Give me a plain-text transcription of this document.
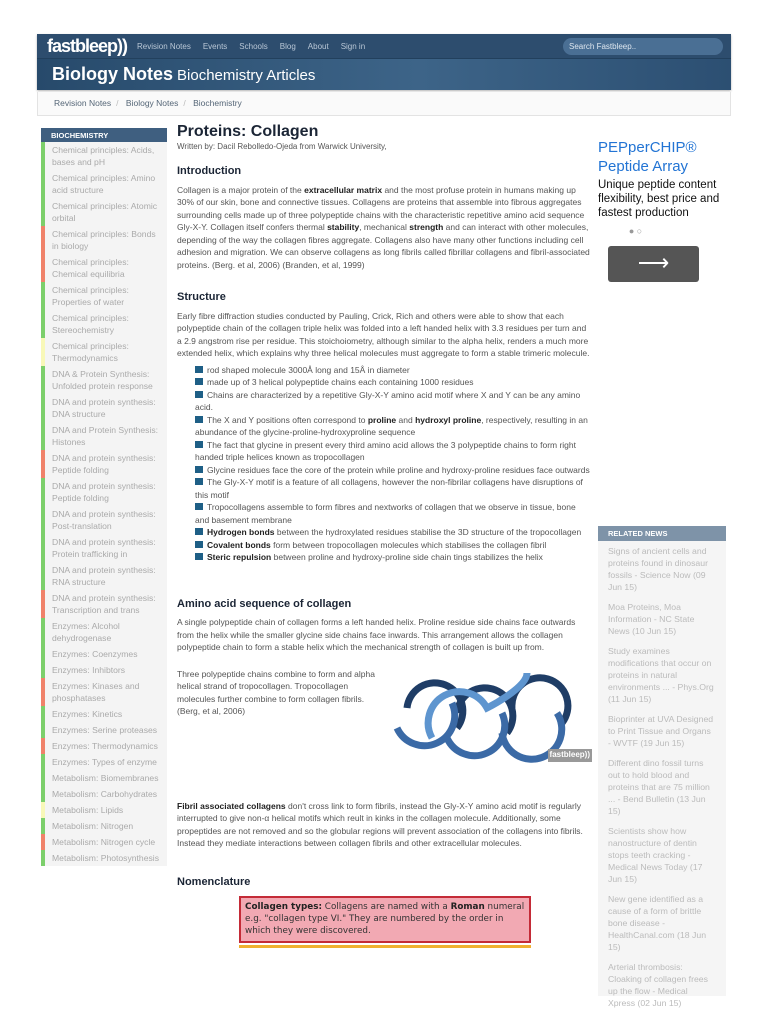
fastbleep)) Revision Notes Events Schools Blog About Sign in	Search Fastbleep..
Biology Notes Biochemistry Articles
Revision Notes / Biology Notes / Biochemistry
BIOCHEMISTRY
Chemical principles: Acids, bases and pH
Chemical principles: Amino acid structure
Chemical principles: Atomic orbital
Chemical principles: Bonds in biology
Chemical principles: Chemical equilibria
Chemical principles: Properties of water
Chemical principles: Stereochemistry
Chemical principles: Thermodynamics
DNA & Protein Synthesis: Unfolded protein response
DNA and protein synthesis: DNA structure
DNA and Protein Synthesis: Histones
DNA and protein synthesis: Peptide folding
DNA and protein synthesis: Peptide folding
DNA and protein synthesis: Post-translation
DNA and protein synthesis: Protein trafficking in
DNA and protein synthesis: RNA structure
DNA and protein synthesis: Transcription and trans
Enzymes: Alcohol dehydrogenase
Enzymes: Coenzymes
Enzymes: Inhibtors
Enzymes: Kinases and phosphatases
Enzymes: Kinetics
Enzymes: Serine proteases
Enzymes: Thermodynamics
Enzymes: Types of enzyme
Metabolism: Biomembranes
Metabolism: Carbohydrates
Metabolism: Lipids
Metabolism: Nitrogen
Metabolism: Nitrogen cycle
Metabolism: Photosynthesis
Proteins: Collagen
Written by: Dacil Rebolledo-Ojeda from Warwick University,
Introduction

Collagen is a major protein of the extracellular matrix and the most profuse protein in humans making up 30% of our skin, bone and connective tissues. Collagens are proteins that assemble into fibrous aggregates surrounding cells made up of three polypeptide chains with the characteristic repetitive amino acid sequence Gly-X-Y. Collagen itself confers thermal stability, mechanical strength and can interact with other molecules, depending of the way the collagen fibres aggregate. Collagens also have many other functions including cell adhesion and migration. We can observe collagens as long fibrils called fibrillar collagens and fibril-associated proteins. (Berg. et al, 2006) (Branden, et al, 1999)

Structure

Early fibre diffraction studies conducted by Pauling, Crick, Rich and others were able to show that each polypeptide chain of the collagen triple helix was folded into a left handed helix with 3.3 residues per turn and a 2.9 angstrom rise per residue. This stoichoiometry, although similar to the alpha helix, renders a much more extended helix, which explains why three helical molecules must aggregate to form a stable trimeric molecule.

rod shaped molecule 3000Å long and 15Å in diameter
made up of 3 helical polypeptide chains each containing 1000 residues
Chains are characterized by a repetitive Gly-X-Y amino acid motif where X and Y can be any amino acid.
The X and Y positions often correspond to proline and hydroxyl proline, respectively, resulting in an abundance of the glycine-proline-hydroxyproline sequence
The fact that glycine in present every third amino acid allows the 3 polypeptide chains to form right handed triple helices known as tropocollagen
Glycine residues face the core of the protein while proline and hydroxy-proline residues face outwards
The Gly-X-Y motif is a feature of all collagens, however the non-fibrilar collagens have disruptions of this motif
Tropocollagens assemble to form fibres and nextworks of collagen that we observe in tissue, bone and basement membrane
Hydrogen bonds between the hydroxylated residues stabilise the 3D structure of the tropocollagen
Covalent bonds form between tropocollagen molecules which stabilises the collagen fibril
Steric repulsion between proline and hydroxy-proline side chain tings stabilizes the helix
Amino acid sequence of collagen

A single polypeptide chain of collagen forms a left handed helix. Proline residue side chains face outwards from the helix while the smaller glycine side chains face inwards. This arrangement allows the collagen polypeptide chain to form a stable helix which the mechanical strength of collagen is built up from.

Three polypeptide chains combine to form and alpha helical strand of tropocollagen. Tropocollagen molecules further combine to form collagen fibrils. (Berg, et al, 2006)

fastbleep))

Fibril associated collagens don't cross link to form fibrils, instead the Gly-X-Y amino acid motif is regularly interrupted to give non-α helical motifs which reult in kinks in the collagen molecule. Additionally, some propeptides are not removed and so the globular regions will prevent association of the collagens into fibrils. Instead they mediate interactions between collagen fibrils and other extracellular molecules.

Nomenclature
Collagen types: Collagens are named with a Roman numeral e.g. "collagen type VI." They are numbered by the order in which they were discovered.
PEPperCHIP® Peptide Array
Unique peptide content flexibility, best price and fastest production
● ○
⟶
RELATED NEWS
Signs of ancient cells and proteins found in dinosaur fossils - Science Now (09 Jun 15)
Moa Proteins, Moa Information - NC State News (10 Jun 15)
Study examines modifications that occur on proteins in natural environments ... - Phys.Org (11 Jun 15)
Bioprinter at UVA Designed to Print Tissue and Organs - WVTF (19 Jun 15)
Different dino fossil turns out to hold blood and proteins that are 75 million ... - Bend Bulletin (13 Jun 15)
Scientists show how nanostructure of dentin stops teeth cracking - Medical News Today (17 Jun 15)
New gene identified as a cause of a form of brittle bone disease - HealthCanal.com (18 Jun 15)
Arterial thrombosis: Cloaking of collagen frees up the flow - Medical Xpress (02 Jun 15)
